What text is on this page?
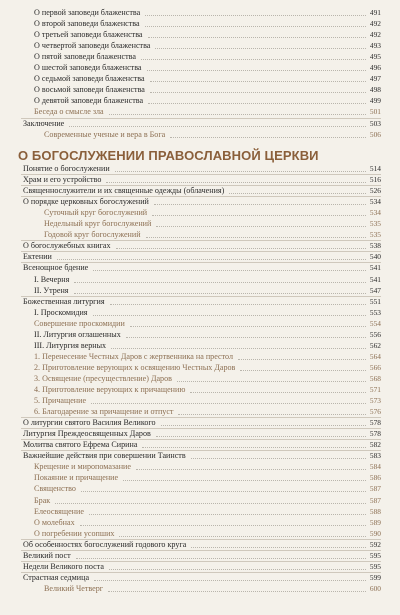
О первой заповеди блаженства	491
О второй заповеди блаженства	492
О третьей заповеди блаженства	492
О четвертой заповеди блаженства	493
О пятой заповеди блаженства	495
О шестой заповеди блаженства	496
О седьмой заповеди блаженства	497
О восьмой заповеди блаженства	498
О девятой заповеди блаженства	499
Беседа о смысле зла	501
Заключение	503
Современные ученые и вера в Бога	506
О БОГОСЛУЖЕНИИ ПРАВОСЛАВНОЙ ЦЕРКВИ
Понятие о богослужении	514
Храм и его устройство	516
Священнослужители и их священные одежды (облачения)	526
О порядке церковных богослужений	534
Суточный круг богослужений	534
Недельный круг богослужений	535
Годовой круг богослужений	535
О богослужебных книгах	538
Ектении	540
Всенощное бдение	541
I. Вечерня	541
II. Утреня	547
Божественная литургия	551
I. Проскомидия	553
Совершение проскомидии	554
II. Литургия оглашенных	556
III. Литургия верных	562
1. Перенесение Честных Даров с жертвенника на престол	564
2. Приготовление верующих к освящению Честных Даров	566
3. Освящение (пресуществление) Даров	568
4. Приготовление верующих к причащению	571
5. Причащение	573
6. Благодарение за причащение и отпуст	576
О литургии святого Василия Великого	578
Литургия Преждеосвященных Даров	578
Молитва святого Ефрема Сирина	582
Важнейшие действия при совершении Таинств	583
Крещение и миропомазание	584
Покаяние и причащение	586
Священство	587
Брак	587
Елеосвящение	588
О молебнах	589
О погребении усопших	590
Об особенностях богослужений годового круга	592
Великий пост	595
Недели Великого поста	595
Страстная седмица	599
Великий Четверг	600
